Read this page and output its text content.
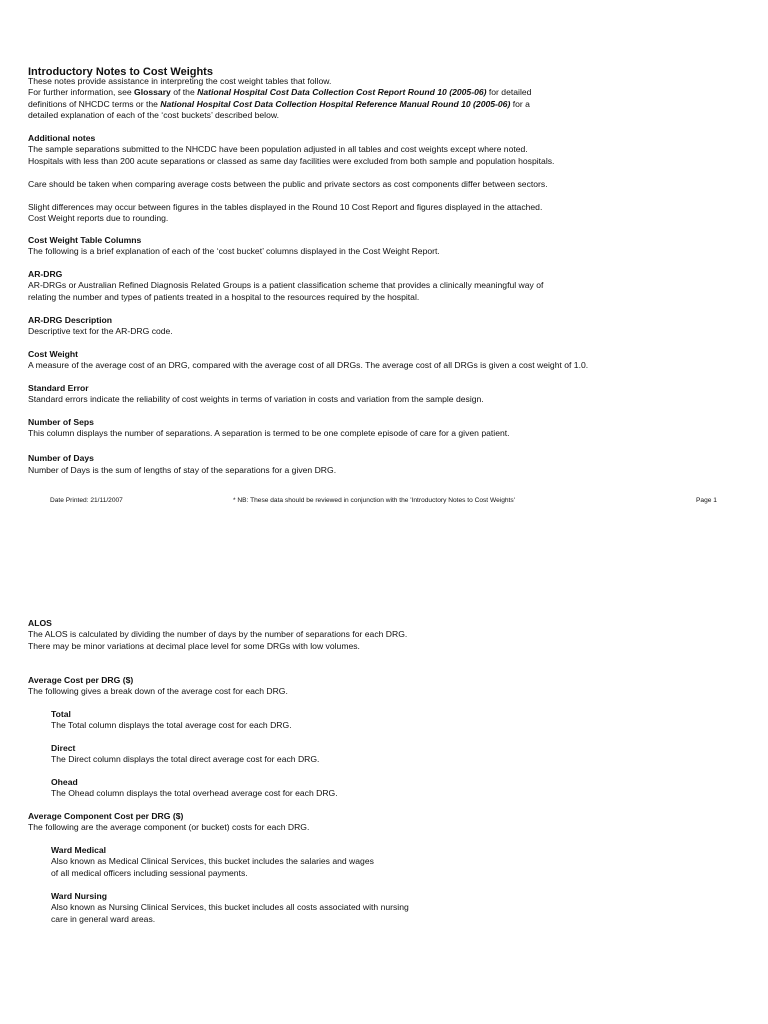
Introductory Notes to Cost Weights
These notes provide assistance in interpreting the cost weight tables that follow.
For further information, see Glossary of the National Hospital Cost Data Collection Cost Report Round 10 (2005-06) for detailed
definitions of NHCDC terms or the National Hospital Cost Data Collection Hospital Reference Manual Round 10 (2005-06) for a
detailed explanation of each of the ‘cost buckets’ described below.
Additional notes
The sample separations submitted to the NHCDC have been population adjusted in all tables and cost weights except where noted.
Hospitals with less than 200 acute separations or classed as same day facilities were excluded from both sample and population hospitals.
Care should be taken when comparing average costs between the public and private sectors as cost components differ between sectors.
Slight differences may occur between figures in the tables displayed in the Round 10 Cost Report and figures displayed in the attached.
Cost Weight reports due to rounding.
Cost Weight Table Columns
The following is a brief explanation of each of the ‘cost bucket’ columns displayed in the Cost Weight Report.
AR-DRG
AR-DRGs or Australian Refined Diagnosis Related Groups is a patient classification scheme that provides a clinically meaningful way of
relating the number and types of patients treated in a hospital to the resources required by the hospital.
AR-DRG Description
Descriptive text for the AR-DRG code.
Cost Weight
A measure of the average cost of an DRG, compared with the average cost of all DRGs. The average cost of all DRGs is given a cost weight of 1.0.
Standard Error
Standard errors indicate the reliability of cost weights in terms of variation in costs and variation from the sample design.
Number of Seps
This column displays the number of separations. A separation is termed to be one complete episode of care for a given patient.
Number of Days
Number of Days is the sum of lengths of stay of the separations for a given DRG.
Date Printed: 21/11/2007	* NB: These data should be reviewed in conjunction with the 'Introductory Notes to Cost Weights'	Page 1
ALOS
The ALOS is calculated by dividing the number of days by the number of separations for each DRG.
There may be minor variations at decimal place level for some DRGs with low volumes.
Average Cost per DRG ($)
The following gives a break down of the average cost for each DRG.
Total
The Total column displays the total average cost for each DRG.
Direct
The Direct column displays the total direct average cost for each DRG.
Ohead
The Ohead column displays the total overhead average cost for each DRG.
Average Component Cost per DRG ($)
The following are the average component (or bucket) costs for each DRG.
Ward Medical
Also known as Medical Clinical Services, this bucket includes the salaries and wages
of all medical officers including sessional payments.
Ward Nursing
Also known as Nursing Clinical Services, this bucket includes all costs associated with nursing
care in general ward areas.
